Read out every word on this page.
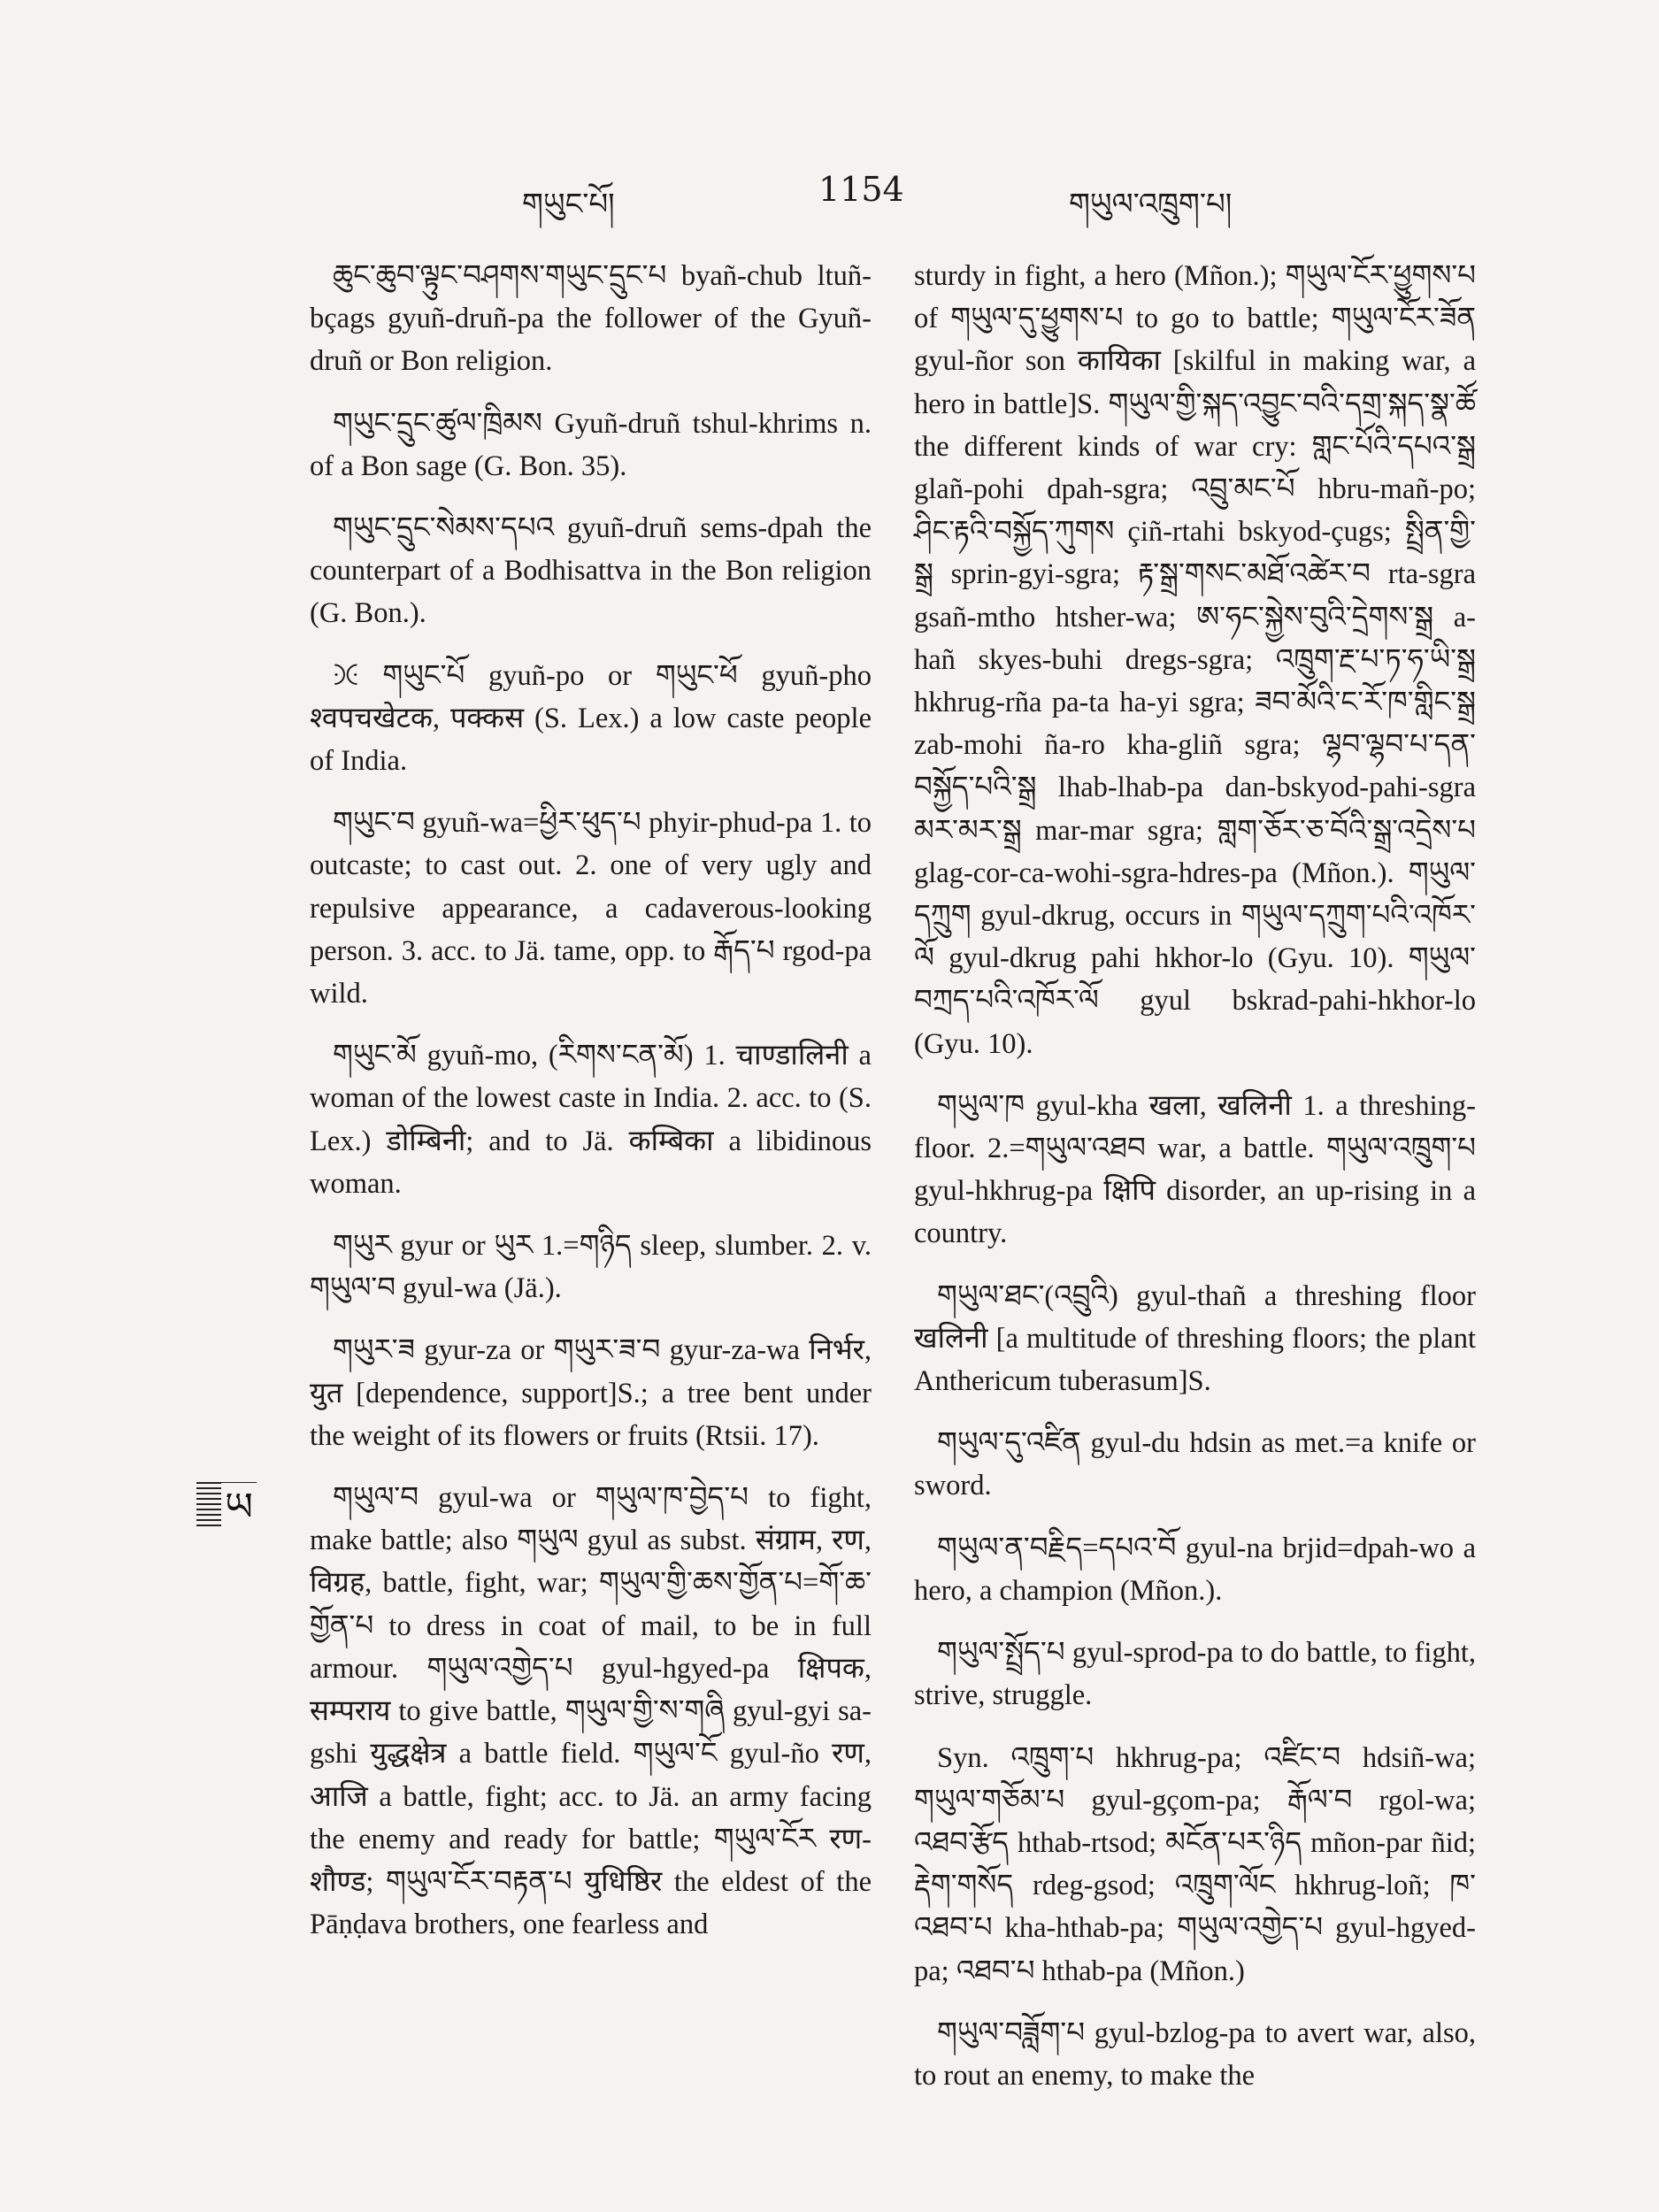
གཡུང་པོ།	1154	གཡུལ་འཁྲུག་པ།
ཡ

ཆུང་ཆུབ་ལྟུང་བཤགས་གཡུང་དྲུང་པ byañ-chub ltuñ-bçags gyuñ-druñ-pa the follower of the Gyuñ-druñ or Bon religion.

གཡུང་དྲུང་ཚུལ་ཁྲིམས Gyuñ-druñ tshul-khrims n. of a Bon sage (G. Bon. 35).

གཡུང་དྲུང་སེམས་དཔའ gyuñ-druñ sems-dpah the counterpart of a Bodhisattva in the Bon religion (G. Bon.).

ꖻ གཡུང་པོ gyuñ-po or གཡུང་ཕོ gyuñ-pho श्वपचखेटक, पक्कस (S. Lex.) a low caste people of India.

གཡུང་བ gyuñ-wa=ཕྱིར་ཕུད་པ phyir-phud-pa 1. to outcaste; to cast out. 2. one of very ugly and repulsive appearance, a cadaverous-looking person. 3. acc. to Jä. tame, opp. to རྒོད་པ rgod-pa wild.

གཡུང་མོ gyuñ-mo, (རིགས་ངན་མོ) 1. चाण्डालिनी a woman of the lowest caste in India. 2. acc. to (S. Lex.) डोम्बिनी; and to Jä. कम्बिका a libidinous woman.

གཡུར gyur or ཡུར 1.=གཉིད sleep, slumber. 2. v. གཡུལ་བ gyul-wa (Jä.).

གཡུར་ཟ gyur-za or གཡུར་ཟ་བ gyur-za-wa निर्भर, युत [dependence, support]S.; a tree bent under the weight of its flowers or fruits (Rtsii. 17).

གཡུལ་བ gyul-wa or གཡུལ་ཁ་བྱེད་པ to fight, make battle; also གཡུལ gyul as subst. संग्राम, रण, विग्रह, battle, fight, war; གཡུལ་གྱི་ཆས་གྱོན་པ=གོ་ཆ་གྱོན་པ to dress in coat of mail, to be in full armour. གཡུལ་འགྱེད་པ gyul-hgyed-pa क्षिपक, सम्पराय to give battle, གཡུལ་གྱི་ས་གཞི gyul-gyi sa-gshi युद्धक्षेत्र a battle field. གཡུལ་ངོ gyul-ño रण, आजि a battle, fight; acc. to Jä. an army facing the enemy and ready for battle; གཡུལ་ངོར रण-शौण्ड; གཡུལ་ངོར་བརྟན་པ युधिष्ठिर the eldest of the Pāṇḍava brothers, one fearless and

sturdy in fight, a hero (Mñon.); གཡུལ་ངོར་ཕྱུགས་པ of གཡུལ་དུ་ཕྱུགས་པ to go to battle; གཡུལ་ངོར་ཟོན gyul-ñor son कायिका [skilful in making war, a hero in battle]S. གཡུལ་གྱི་སྐད་འབྱུང་བའི་དགྲ་སྐད་སྣ་ཚོ the different kinds of war cry: གླང་པོའི་དཔའ་སྒྲ glañ-pohi dpah-sgra; འབྲུ་མང་པོ hbru-mañ-po; ཤིང་རྟའི་བསྐྱོད་ཀུགས çiñ-rtahi bskyod-çugs; སྤྲིན་གྱི་སྒྲ sprin-gyi-sgra; རྟ་སྒྲ་གསང་མཐོ་འཚེར་བ rta-sgra gsañ-mtho htsher-wa; ཨ་ཧང་སྐྱེས་བུའི་དྲེགས་སྒྲ a-hañ skyes-buhi dregs-sgra; འཁྲུག་རྔ་པ་ཏ་ཧ་ཡི་སྒྲ hkhrug-rña pa-ta ha-yi sgra; ཟབ་མོའི་ང་རོ་ཁ་གླིང་སྒྲ zab-mohi ña-ro kha-gliñ sgra; ལྷབ་ལྷབ་པ་དན་བསྐྱོད་པའི་སྒྲ lhab-lhab-pa dan-bskyod-pahi-sgra མར་མར་སྒྲ mar-mar sgra; གླག་ཅོར་ཅ་བོའི་སྒྲ་འདྲེས་པ glag-cor-ca-wohi-sgra-hdres-pa (Mñon.). གཡུལ་དཀྲུག gyul-dkrug, occurs in གཡུལ་དཀྲུག་པའི་འཁོར་ལོ gyul-dkrug pahi hkhor-lo (Gyu. 10). གཡུལ་བཀྲད་པའི་འཁོར་ལོ gyul bskrad-pahi-hkhor-lo (Gyu. 10).

གཡུལ་ཁ gyul-kha खला, खलिनी 1. a threshing-floor. 2.=གཡུལ་འཐབ war, a battle. གཡུལ་འཁྲུག་པ gyul-hkhrug-pa क्षिपि disorder, an up-rising in a country.

གཡུལ་ཐང་(འབྲུའི) gyul-thañ a threshing floor खलिनी [a multitude of threshing floors; the plant Anthericum tuberasum]S.

གཡུལ་དུ་འཛིན gyul-du hdsin as met.=a knife or sword.

གཡུལ་ན་བརྗིད=དཔའ་བོ gyul-na brjid=dpah-wo a hero, a champion (Mñon.).

གཡུལ་སྤྲོད་པ gyul-sprod-pa to do battle, to fight, strive, struggle.

Syn. འཁྲུག་པ hkhrug-pa; འཛིང་བ hdsiñ-wa; གཡུལ་གཅོམ་པ gyul-gçom-pa; རྒོལ་བ rgol-wa; འཐབ་རྩོད hthab-rtsod; མངོན་པར་ཉིད mñon-par ñid; རྡེག་གསོད rdeg-gsod; འཁྲུག་ལོང hkhrug-loñ; ཁ་འཐབ་པ kha-hthab-pa; གཡུལ་འགྱེད་པ gyul-hgyed-pa; འཐབ་པ hthab-pa (Mñon.)

གཡུལ་བཟློག་པ gyul-bzlog-pa to avert war, also, to rout an enemy, to make the
